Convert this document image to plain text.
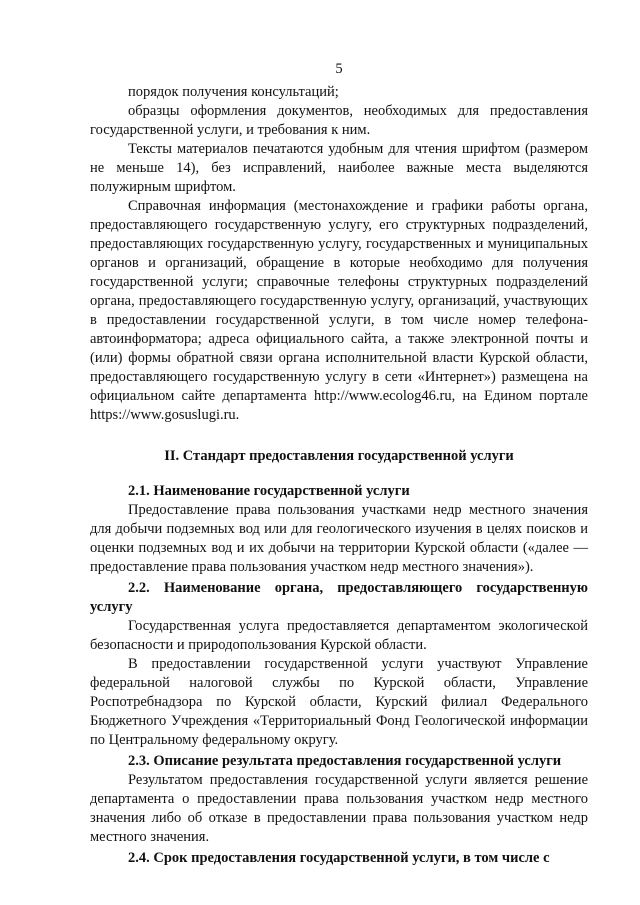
5

порядок получения консультаций;

образцы оформления документов, необходимых для предоставления государственной услуги, и требования к ним.

Тексты материалов печатаются удобным для чтения шрифтом (размером не меньше 14), без исправлений, наиболее важные места выделяются полужирным шрифтом.

Справочная информация (местонахождение и графики работы органа, предоставляющего государственную услугу, его структурных подразделений, предоставляющих государственную услугу, государственных и муниципальных органов и организаций, обращение в которые необходимо для получения государственной услуги; справочные телефоны структурных подразделений органа, предоставляющего государственную услугу, организаций, участвующих в предоставлении государственной услуги, в том числе номер телефона-автоинформатора; адреса официального сайта, а также электронной почты и (или) формы обратной связи органа исполнительной власти Курской области, предоставляющего государственную услугу в сети «Интернет») размещена на официальном сайте департамента http://www.ecolog46.ru, на Едином портале https://www.gosuslugi.ru.

II. Стандарт предоставления государственной услуги

2.1. Наименование государственной услуги

Предоставление права пользования участками недр местного значения для добычи подземных вод или для геологического изучения в целях поисков и оценки подземных вод и их добычи на территории Курской области («далее — предоставление права пользования участком недр местного значения»).

2.2. Наименование органа, предоставляющего государственную услугу

Государственная услуга предоставляется департаментом экологической безопасности и природопользования Курской области.

В предоставлении государственной услуги участвуют Управление федеральной налоговой службы по Курской области, Управление Роспотребнадзора по Курской области, Курский филиал Федерального Бюджетного Учреждения «Территориальный Фонд Геологической информации по Центральному федеральному округу.

2.3. Описание результата предоставления государственной услуги

Результатом предоставления государственной услуги является решение департамента о предоставлении права пользования участком недр местного значения либо об отказе в предоставлении права пользования участком недр местного значения.

2.4. Срок предоставления государственной услуги, в том числе с
